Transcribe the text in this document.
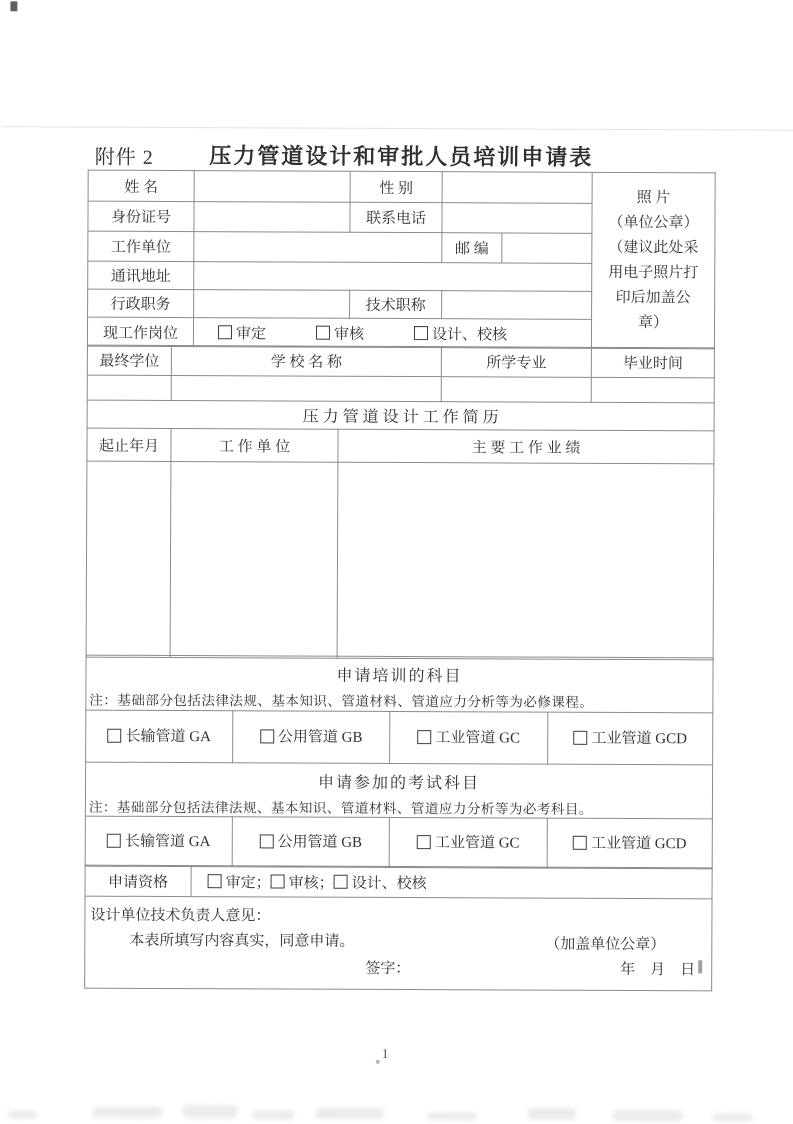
附件 2	压力管道设计和审批人员培训申请表
姓 名		性 别		
照 片
（单位公章）
（建议此处采
用电子照片打
印后加盖公
章）

身份证号		联系电话			
工作单位			邮 编		
通讯地址					
行政职务		技术职称			
现工作岗位	审定 审核 设计、校核				
最终学位	学 校 名 称		所学专业	毕业时间

压 力 管 道 设 计 工 作 简 历				
起止年月	工 作 单 位	主 要 工 作 业 绩		

申请培训的科目
注：基础部分包括法律法规、基本知识、管道材料、管道应力分析等为必修课程。			

长输管道 GA	公用管道 GB	工业管道 GC	工业管道 GCD

申请参加的考试科目
注：基础部分包括法律法规、基本知识、管道材料、管道应力分析等为必考科目。			

长输管道 GA	公用管道 GB	工业管道 GC	工业管道 GCD
申请资格	审定； 审核； 设计、校核

设计单位技术负责人意见：
本表所填写内容真实，同意申请。	（加盖单位公章）
签字：	年    月    日
1
